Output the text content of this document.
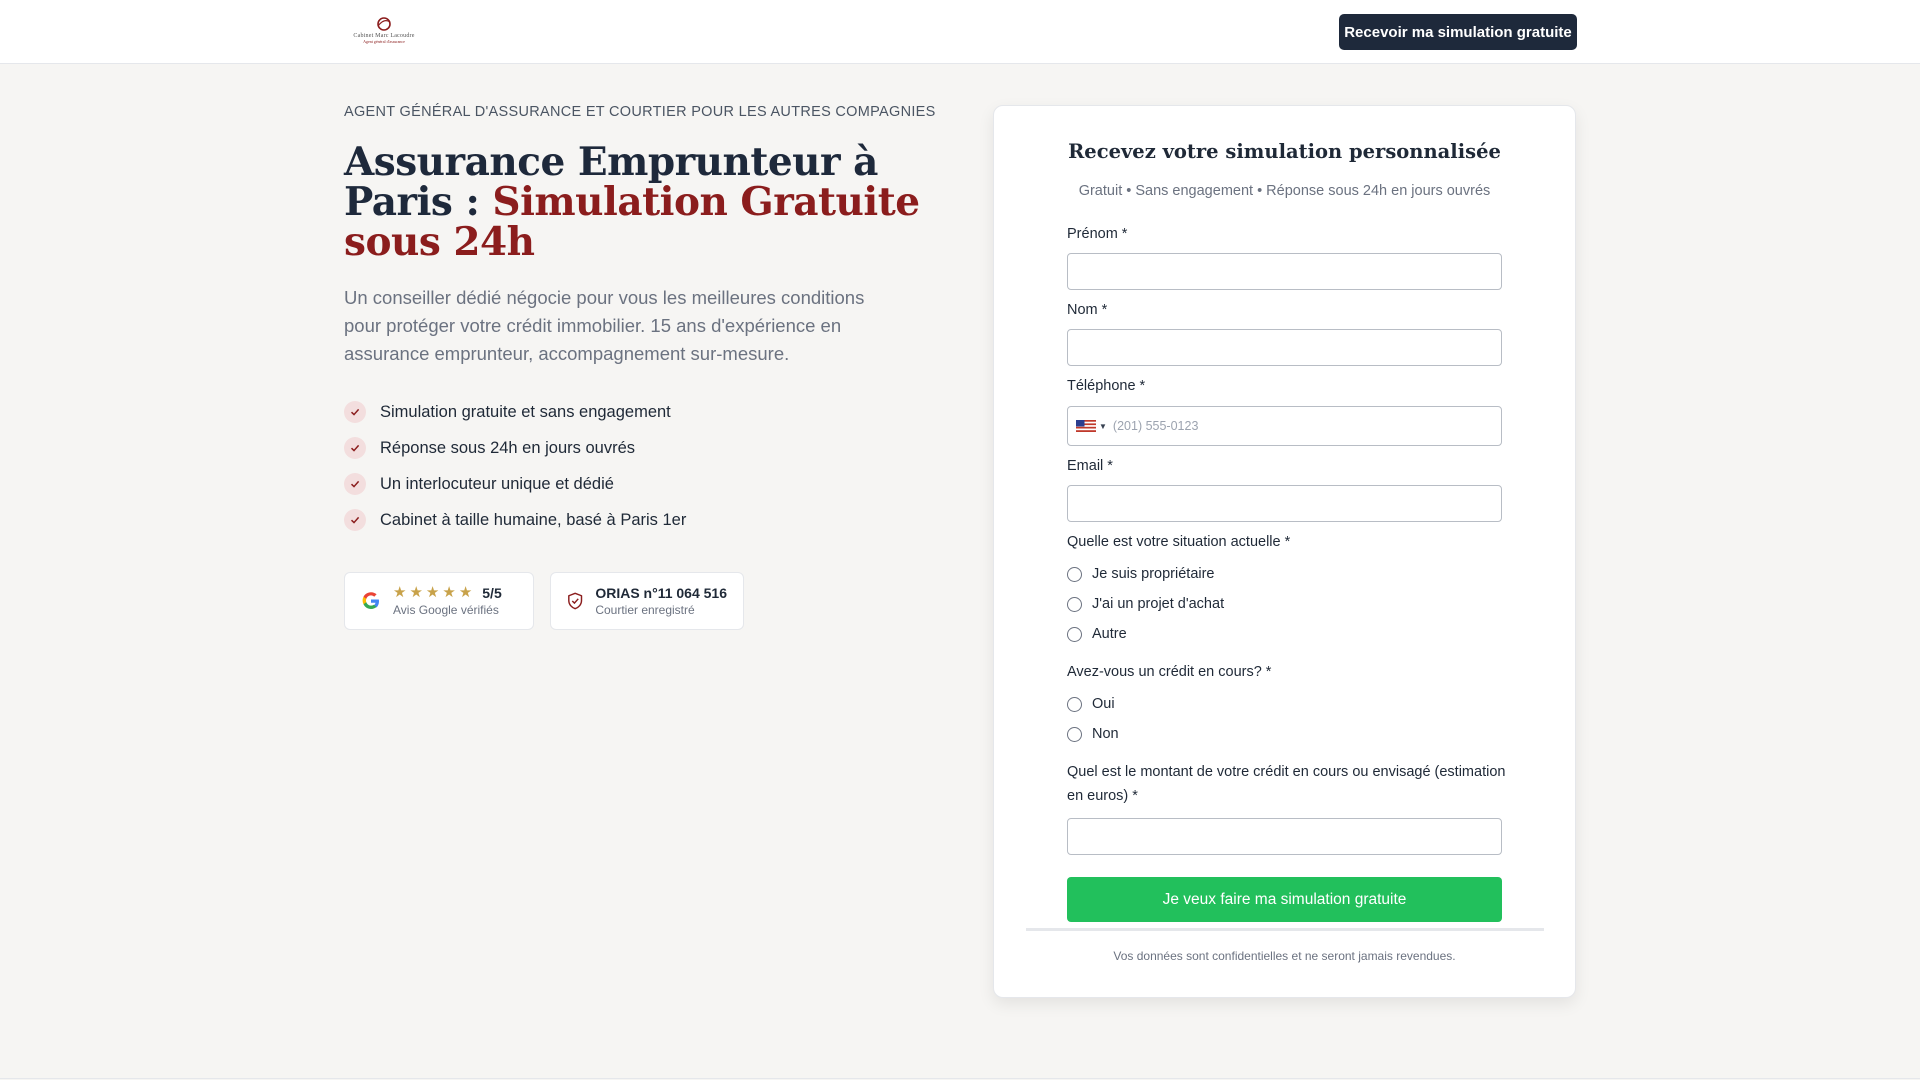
Cabinet Marc Lacoudre
Agent général d'assurance
Recevoir ma simulation gratuite
AGENT GÉNÉRAL D'ASSURANCE ET COURTIER POUR LES AUTRES COMPAGNIES
Assurance Emprunteur à Paris : Simulation Gratuite sous 24h

Un conseiller dédié négocie pour vous les meilleures conditions pour protéger votre crédit immobilier. 15 ans d'expérience en assurance emprunteur, accompagnement sur-mesure.

Simulation gratuite et sans engagement
Réponse sous 24h en jours ouvrés
Un interlocuteur unique et dédié
Cabinet à taille humaine, basé à Paris 1er
★ ★ ★ ★ ★ 5/5
Avis Google vérifiés
ORIAS n°11 064 516
Courtier enregistré
Recevez votre simulation personnalisée
Gratuit • Sans engagement • Réponse sous 24h en jours ouvrés
Prénom *
Nom *
Téléphone *
▼
(201) 555-0123
Email *
Quelle est votre situation actuelle *
Je suis propriétaire
J'ai un projet d'achat
Autre
Avez-vous un crédit en cours? *
Oui
Non
Quel est le montant de votre crédit en cours ou envisagé (estimation en euros) *
Je veux faire ma simulation gratuite
Vos données sont confidentielles et ne seront jamais revendues.
